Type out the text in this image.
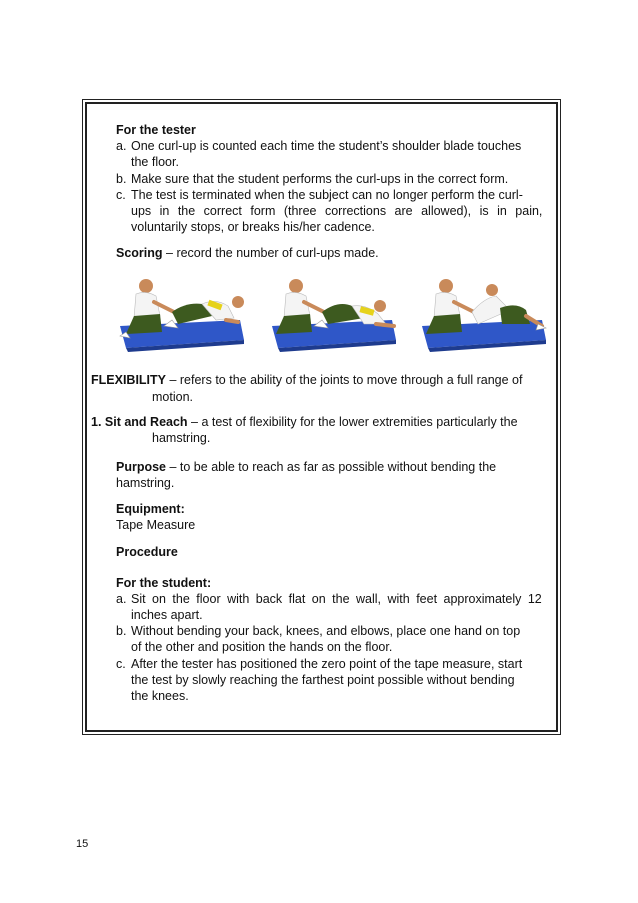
For the tester

a. One curl-up is counted each time the student’s shoulder blade touches

the floor.

b. Make sure that the student performs the curl-ups in the correct form.

c. The test is terminated when the subject can no longer perform the curl-

ups in the correct form (three corrections are allowed), is in pain,

voluntarily stops, or breaks his/her cadence.

Scoring – record the number of curl-ups made.

FLEXIBILITY – refers to the ability of the joints to move through a full range of

motion.

1. Sit and Reach – a test of flexibility for the lower extremities particularly the

hamstring.

Purpose – to be able to reach as far as possible without bending the

hamstring.

Equipment:

Tape Measure

Procedure

For the student:

a. Sit on the floor with back flat on the wall, with feet approximately 12

inches apart.

b. Without bending your back, knees, and elbows, place one hand on top

of the other and position the hands on the floor.

c. After the tester has positioned the zero point of the tape measure, start

the test by slowly reaching the farthest point possible without bending

the knees.

15
